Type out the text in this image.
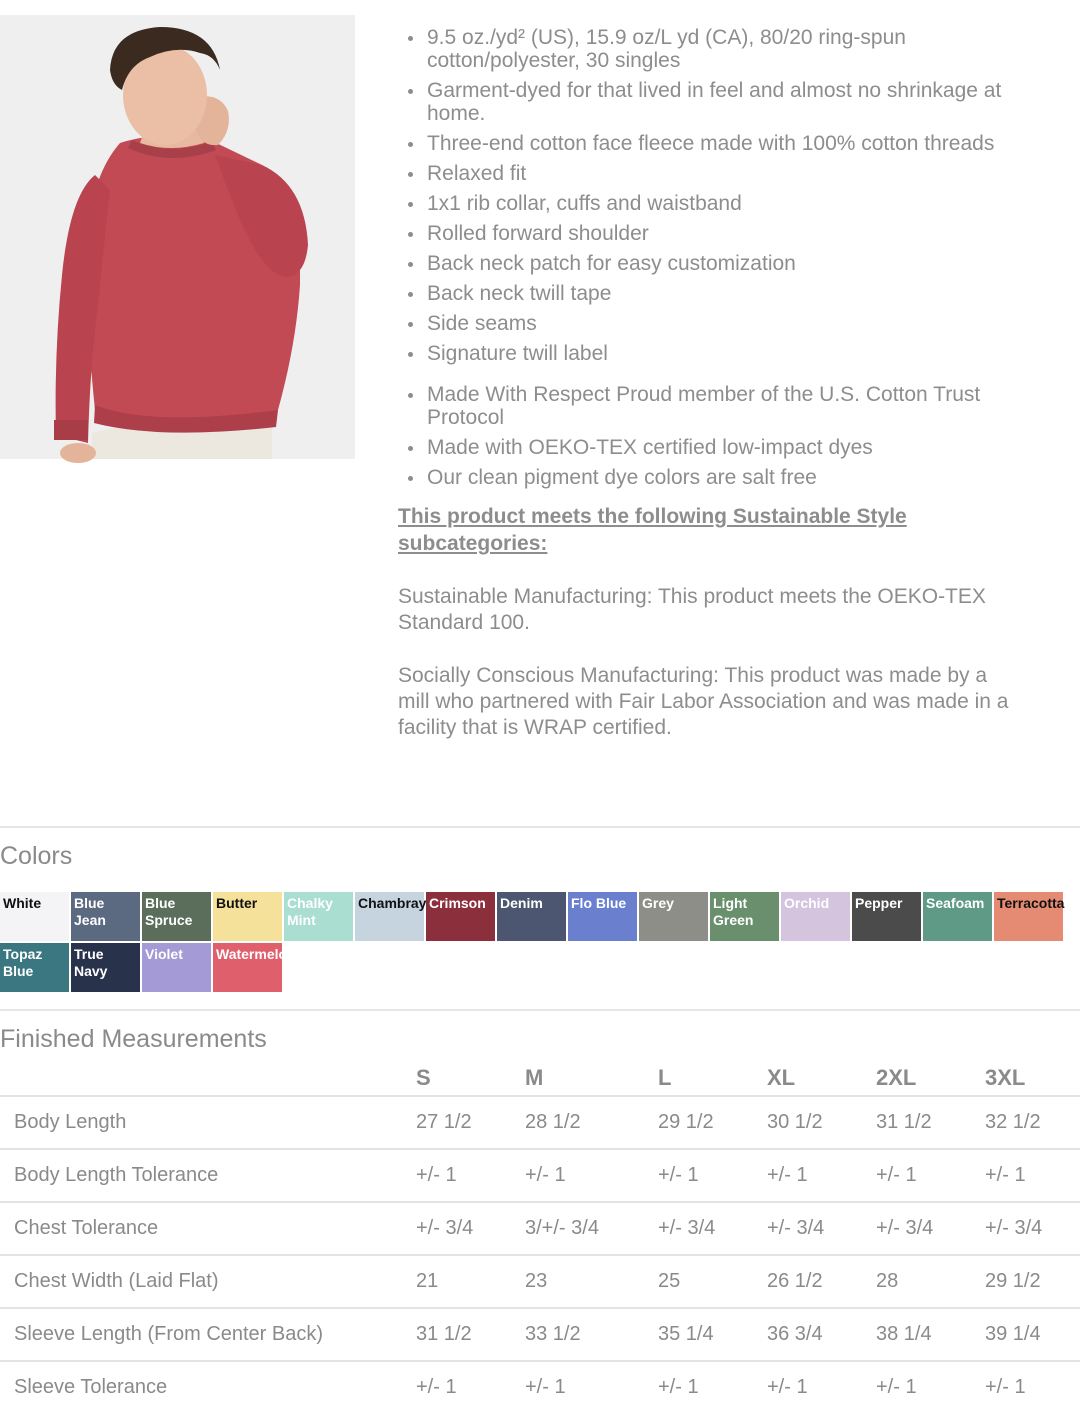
9.5 oz./yd² (US), 15.9 oz/L yd (CA), 80/20 ring-spun cotton/polyester, 30 singles
Garment-dyed for that lived in feel and almost no shrinkage at home.
Three-end cotton face fleece made with 100% cotton threads
Relaxed fit
1x1 rib collar, cuffs and waistband
Rolled forward shoulder
Back neck patch for easy customization
Back neck twill tape
Side seams
Signature twill label
Made With Respect Proud member of the U.S. Cotton Trust Protocol
Made with OEKO-TEX certified low-impact dyes
Our clean pigment dye colors are salt free
This product meets the following Sustainable Style subcategories:
Sustainable Manufacturing: This product meets the OEKO-TEX Standard 100.
Socially Conscious Manufacturing: This product was made by a mill who partnered with Fair Labor Association and was made in a facility that is WRAP certified.
Colors
White	Blue Jean
Blue Spruce
Butter	Chalky Mint
Chambray Crimson	Denim	Flo Blue	Grey	Light Green
Orchid	Pepper	Seafoam Terracotta
Topaz Blue
True Navy
Violet	Watermelon
Finished Measurements
	S	M	L	XL	2XL	3XL
Body Length	27 1/2	28 1/2	29 1/2	30 1/2	31 1/2	32 1/2
Body Length Tolerance	+/- 1	+/- 1	+/- 1	+/- 1	+/- 1	+/- 1
Chest Tolerance	+/- 3/4	3/+/- 3/4	+/- 3/4	+/- 3/4	+/- 3/4	+/- 3/4
Chest Width (Laid Flat)	21	23	25	26 1/2	28	29 1/2
Sleeve Length (From Center Back)	31 1/2	33 1/2	35 1/4	36 3/4	38 1/4	39 1/4
Sleeve Tolerance	+/- 1	+/- 1	+/- 1	+/- 1	+/- 1	+/- 1
